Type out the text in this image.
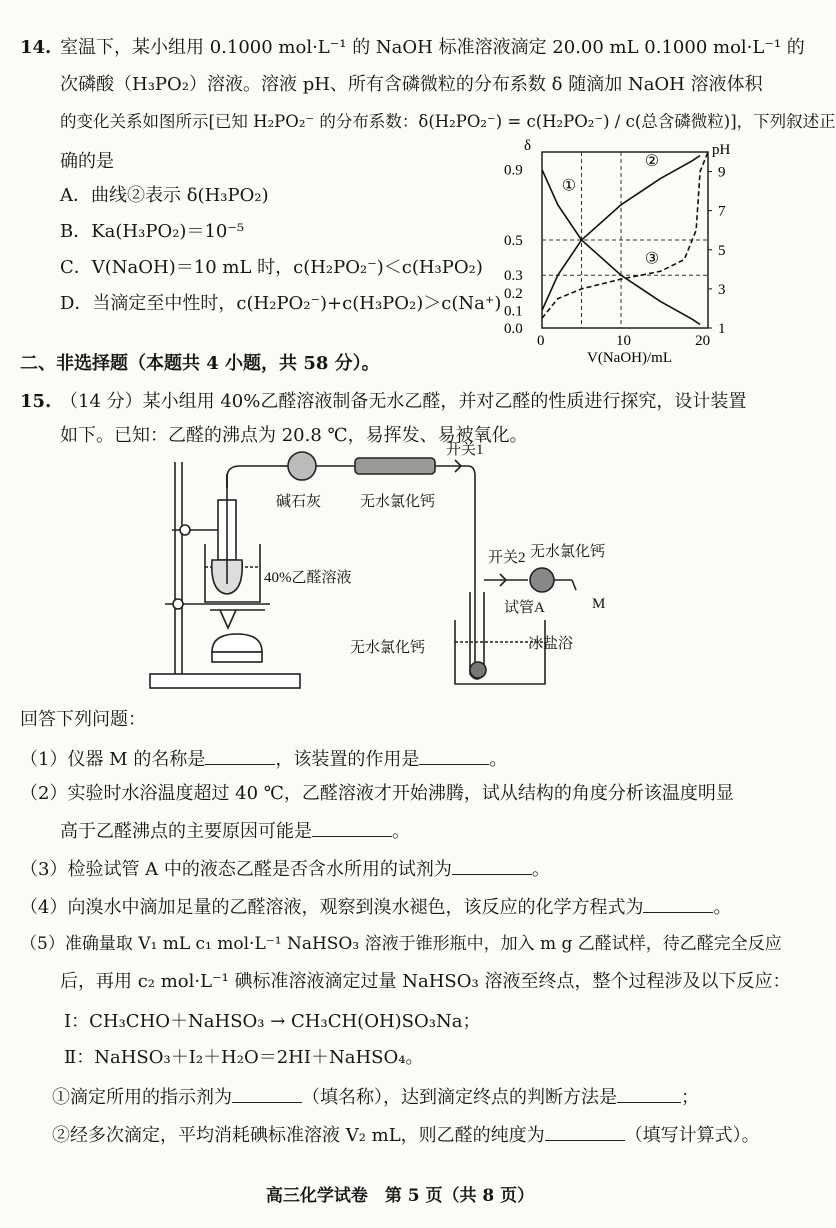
14. 室温下，某小组用 0.1000 mol·L⁻¹ 的 NaOH 标准溶液滴定 20.00 mL 0.1000 mol·L⁻¹ 的
次磷酸（H₃PO₂）溶液。溶液 pH、所有含磷微粒的分布系数 δ 随滴加 NaOH 溶液体积
的变化关系如图所示[已知 H₂PO₂⁻ 的分布系数：δ(H₂PO₂⁻) = c(H₂PO₂⁻) / c(总含磷微粒)]，下列叙述正
确的是
A．曲线②表示 δ(H₃PO₂)
B．Ka(H₃PO₂)＝10⁻⁵
C．V(NaOH)＝10 mL 时，c(H₂PO₂⁻)＜c(H₃PO₂)
D．当滴定至中性时，c(H₂PO₂⁻)+c(H₃PO₂)＞c(Na⁺)
δ	pH
V(NaOH)/mL
0	10	20
0.0
0.1
0.2
0.3
0.5
0.9
1
3
5
7
9
①
②
③
二、非选择题（本题共 4 小题，共 58 分）。
15. （14 分）某小组用 40%乙醛溶液制备无水乙醛，并对乙醛的性质进行探究，设计装置
如下。已知：乙醛的沸点为 20.8 ℃，易挥发、易被氧化。
开关1
碱石灰	无水氯化钙
40%乙醛溶液
开关2 无水氯化钙
M
试管A
无水氯化钙	冰盐浴
回答下列问题：
（1）仪器 M 的名称是	，该装置的作用是	。
（2）实验时水浴温度超过 40 ℃，乙醛溶液才开始沸腾，试从结构的角度分析该温度明显
高于乙醛沸点的主要原因可能是	。
（3）检验试管 A 中的液态乙醛是否含水所用的试剂为	。
（4）向溴水中滴加足量的乙醛溶液，观察到溴水褪色，该反应的化学方程式为	。
（5）准确量取 V₁ mL c₁ mol·L⁻¹ NaHSO₃ 溶液于锥形瓶中，加入 m g 乙醛试样，待乙醛完全反应
后，再用 c₂ mol·L⁻¹ 碘标准溶液滴定过量 NaHSO₃ 溶液至终点，整个过程涉及以下反应：
Ⅰ：CH₃CHO＋NaHSO₃ → CH₃CH(OH)SO₃Na；
Ⅱ：NaHSO₃＋I₂＋H₂O＝2HI＋NaHSO₄。
①滴定所用的指示剂为	（填名称），达到滴定终点的判断方法是	；
②经多次滴定，平均消耗碘标准溶液 V₂ mL，则乙醛的纯度为	（填写计算式）。
高三化学试卷　第 5 页（共 8 页）
